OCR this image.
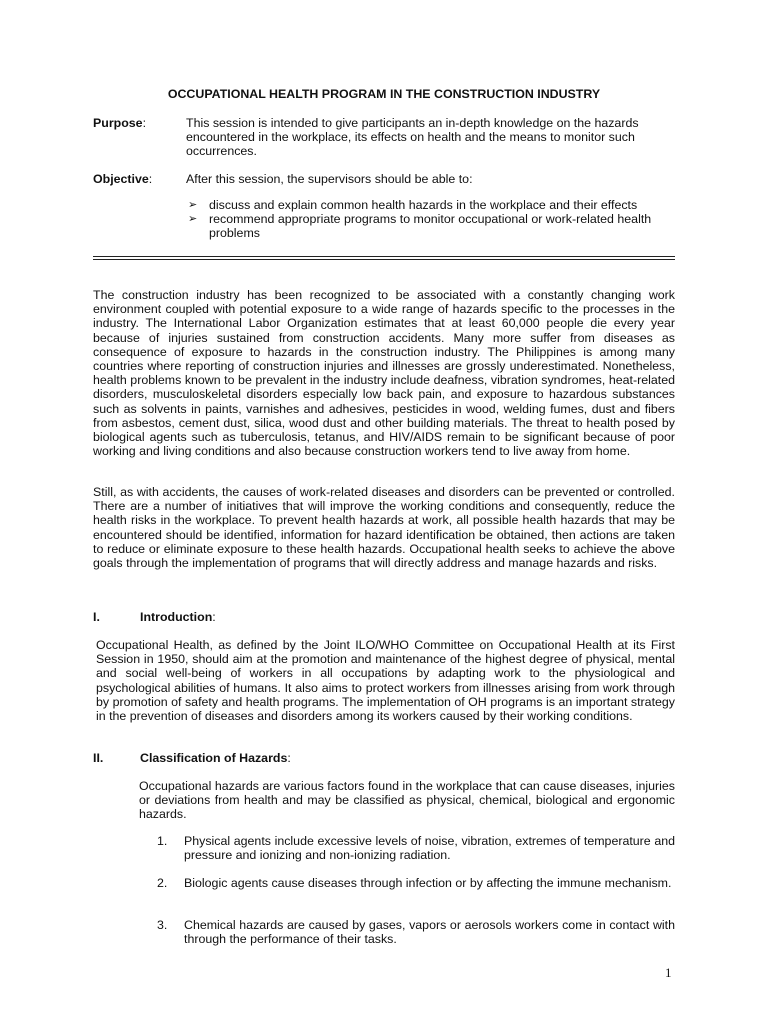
OCCUPATIONAL HEALTH PROGRAM IN THE CONSTRUCTION INDUSTRY
Purpose:	This session is intended to give participants an in-depth knowledge on the hazards encountered in the workplace, its effects on health and the means to monitor such occurrences.
Objective:	After this session, the supervisors should be able to:
➢ discuss and explain common health hazards in the workplace and their effects
➢ recommend appropriate programs to monitor occupational or work-related health problems

The construction industry has been recognized to be associated with a constantly changing work environment coupled with potential exposure to a wide range of hazards specific to the processes in the industry. The International Labor Organization estimates that at least 60,000 people die every year because of injuries sustained from construction accidents. Many more suffer from diseases as consequence of exposure to hazards in the construction industry. The Philippines is among many countries where reporting of construction injuries and illnesses are grossly underestimated. Nonetheless, health problems known to be prevalent in the industry include deafness, vibration syndromes, heat-related disorders, musculoskeletal disorders especially low back pain, and exposure to hazardous substances such as solvents in paints, varnishes and adhesives, pesticides in wood, welding fumes, dust and fibers from asbestos, cement dust, silica, wood dust and other building materials. The threat to health posed by biological agents such as tuberculosis, tetanus, and HIV/AIDS remain to be significant because of poor working and living conditions and also because construction workers tend to live away from home.

Still, as with accidents, the causes of work-related diseases and disorders can be prevented or controlled. There are a number of initiatives that will improve the working conditions and consequently, reduce the health risks in the workplace. To prevent health hazards at work, all possible health hazards that may be encountered should be identified, information for hazard identification be obtained, then actions are taken to reduce or eliminate exposure to these health hazards. Occupational health seeks to achieve the above goals through the implementation of programs that will directly address and manage hazards and risks.

I.	Introduction:

Occupational Health, as defined by the Joint ILO/WHO Committee on Occupational Health at its First Session in 1950, should aim at the promotion and maintenance of the highest degree of physical, mental and social well-being of workers in all occupations by adapting work to the physiological and psychological abilities of humans. It also aims to protect workers from illnesses arising from work through by promotion of safety and health programs. The implementation of OH programs is an important strategy in the prevention of diseases and disorders among its workers caused by their working conditions.

II.	Classification of Hazards:

Occupational hazards are various factors found in the workplace that can cause diseases, injuries or deviations from health and may be classified as physical, chemical, biological and ergonomic hazards.

1. Physical agents include excessive levels of noise, vibration, extremes of temperature and pressure and ionizing and non-ionizing radiation.
2. Biologic agents cause diseases through infection or by affecting the immune mechanism.
3. Chemical hazards are caused by gases, vapors or aerosols workers come in contact with through the performance of their tasks.
1
